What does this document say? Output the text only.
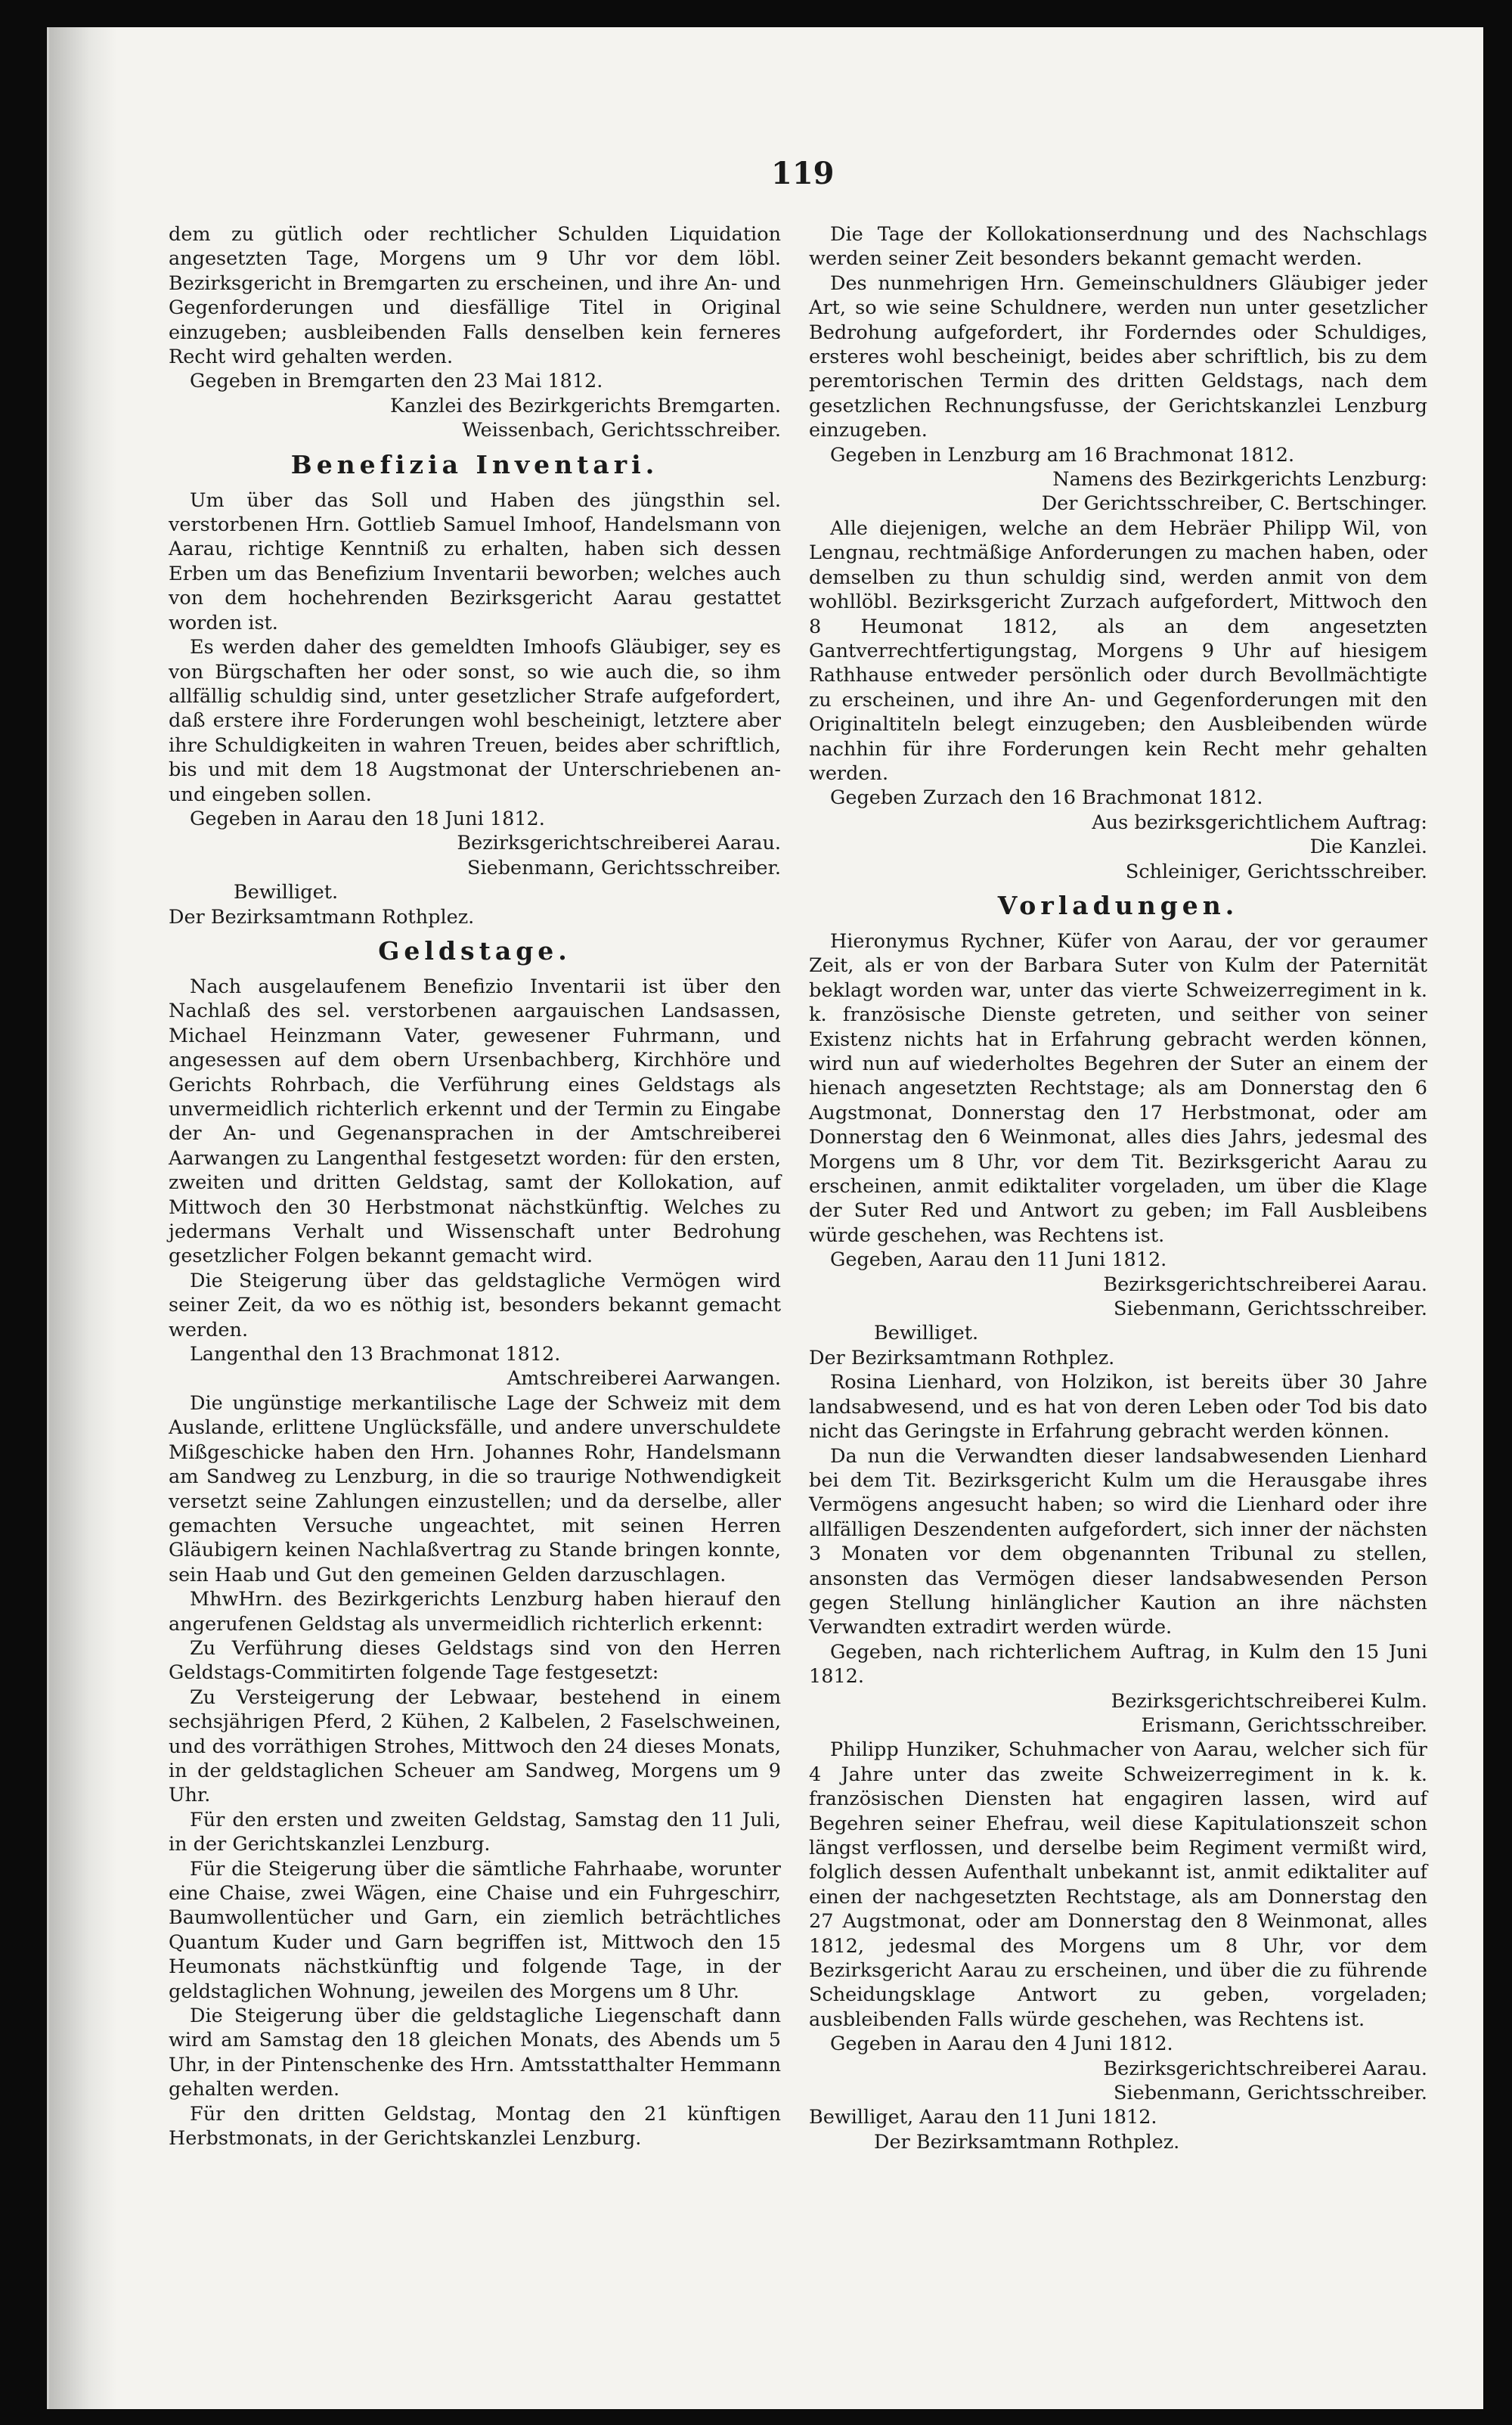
119

dem zu gütlich oder rechtlicher Schulden Liquidation angesetzten Tage, Morgens um 9 Uhr vor dem löbl. Bezirksgericht in Bremgarten zu erscheinen, und ihre An- und Gegenforderungen und diesfällige Titel in Original einzugeben; ausbleibenden Falls denselben kein ferneres Recht wird gehalten werden.

Gegeben in Bremgarten den 23 Mai 1812.

Kanzlei des Bezirkgerichts Bremgarten.

Weissenbach, Gerichtsschreiber.

Benefizia Inventari.

Um über das Soll und Haben des jüngsthin sel. verstorbenen Hrn. Gottlieb Samuel Imhoof, Handelsmann von Aarau, richtige Kenntniß zu erhalten, haben sich dessen Erben um das Benefizium Inventarii beworben; welches auch von dem hochehrenden Bezirksgericht Aarau gestattet worden ist.

Es werden daher des gemeldten Imhoofs Gläubiger, sey es von Bürgschaften her oder sonst, so wie auch die, so ihm allfällig schuldig sind, unter gesetzlicher Strafe aufgefordert, daß erstere ihre Forderungen wohl bescheinigt, letztere aber ihre Schuldigkeiten in wahren Treuen, beides aber schriftlich, bis und mit dem 18 Augstmonat der Unterschriebenen an- und eingeben sollen.

Gegeben in Aarau den 18 Juni 1812.

Bezirksgerichtschreiberei Aarau.

Siebenmann, Gerichtsschreiber.

Bewilliget.

Der Bezirksamtmann Rothplez.

Geldstage.

Nach ausgelaufenem Benefizio Inventarii ist über den Nachlaß des sel. verstorbenen aargauischen Landsassen, Michael Heinzmann Vater, gewesener Fuhrmann, und angesessen auf dem obern Ursenbachberg, Kirchhöre und Gerichts Rohrbach, die Verführung eines Geldstags als unvermeidlich richterlich erkennt und der Termin zu Eingabe der An- und Gegenansprachen in der Amtschreiberei Aarwangen zu Langenthal festgesetzt worden: für den ersten, zweiten und dritten Geldstag, samt der Kollokation, auf Mittwoch den 30 Herbstmonat nächstkünftig. Welches zu jedermans Verhalt und Wissenschaft unter Bedrohung gesetzlicher Folgen bekannt gemacht wird.

Die Steigerung über das geldstagliche Vermögen wird seiner Zeit, da wo es nöthig ist, besonders bekannt gemacht werden.

Langenthal den 13 Brachmonat 1812.

Amtschreiberei Aarwangen.

Die ungünstige merkantilische Lage der Schweiz mit dem Auslande, erlittene Unglücksfälle, und andere unverschuldete Mißgeschicke haben den Hrn. Johannes Rohr, Handelsmann am Sandweg zu Lenzburg, in die so traurige Nothwendigkeit versetzt seine Zahlungen einzustellen; und da derselbe, aller gemachten Versuche ungeachtet, mit seinen Herren Gläubigern keinen Nachlaßvertrag zu Stande bringen konnte, sein Haab und Gut den gemeinen Gelden darzuschlagen.

MhwHrn. des Bezirkgerichts Lenzburg haben hierauf den angerufenen Geldstag als unvermeidlich richterlich erkennt:

Zu Verführung dieses Geldstags sind von den Herren Geldstags-Commitirten folgende Tage festgesetzt:

Zu Versteigerung der Lebwaar, bestehend in einem sechsjährigen Pferd, 2 Kühen, 2 Kalbelen, 2 Faselschweinen, und des vorräthigen Strohes, Mittwoch den 24 dieses Monats, in der geldstaglichen Scheuer am Sandweg, Morgens um 9 Uhr.

Für den ersten und zweiten Geldstag, Samstag den 11 Juli, in der Gerichtskanzlei Lenzburg.

Für die Steigerung über die sämtliche Fahrhaabe, worunter eine Chaise, zwei Wägen, eine Chaise und ein Fuhrgeschirr, Baumwollentücher und Garn, ein ziemlich beträchtliches Quantum Kuder und Garn begriffen ist, Mittwoch den 15 Heumonats nächstkünftig und folgende Tage, in der geldstaglichen Wohnung, jeweilen des Morgens um 8 Uhr.

Die Steigerung über die geldstagliche Liegenschaft dann wird am Samstag den 18 gleichen Monats, des Abends um 5 Uhr, in der Pintenschenke des Hrn. Amtsstatthalter Hemmann gehalten werden.

Für den dritten Geldstag, Montag den 21 künftigen Herbstmonats, in der Gerichtskanzlei Lenzburg.

Die Tage der Kollokationserdnung und des Nachschlags werden seiner Zeit besonders bekannt gemacht werden.

Des nunmehrigen Hrn. Gemeinschuldners Gläubiger jeder Art, so wie seine Schuldnere, werden nun unter gesetzlicher Bedrohung aufgefordert, ihr Forderndes oder Schuldiges, ersteres wohl bescheinigt, beides aber schriftlich, bis zu dem peremtorischen Termin des dritten Geldstags, nach dem gesetzlichen Rechnungsfusse, der Gerichtskanzlei Lenzburg einzugeben.

Gegeben in Lenzburg am 16 Brachmonat 1812.

Namens des Bezirkgerichts Lenzburg:

Der Gerichtsschreiber, C. Bertschinger.

Alle diejenigen, welche an dem Hebräer Philipp Wil, von Lengnau, rechtmäßige Anforderungen zu machen haben, oder demselben zu thun schuldig sind, werden anmit von dem wohllöbl. Bezirksgericht Zurzach aufgefordert, Mittwoch den 8 Heumonat 1812, als an dem angesetzten Gantverrechtfertigungstag, Morgens 9 Uhr auf hiesigem Rathhause entweder persönlich oder durch Bevollmächtigte zu erscheinen, und ihre An- und Gegenforderungen mit den Originaltiteln belegt einzugeben; den Ausbleibenden würde nachhin für ihre Forderungen kein Recht mehr gehalten werden.

Gegeben Zurzach den 16 Brachmonat 1812.

Aus bezirksgerichtlichem Auftrag:

Die Kanzlei.

Schleiniger, Gerichtsschreiber.

Vorladungen.

Hieronymus Rychner, Küfer von Aarau, der vor geraumer Zeit, als er von der Barbara Suter von Kulm der Paternität beklagt worden war, unter das vierte Schweizerregiment in k. k. französische Dienste getreten, und seither von seiner Existenz nichts hat in Erfahrung gebracht werden können, wird nun auf wiederholtes Begehren der Suter an einem der hienach angesetzten Rechtstage; als am Donnerstag den 6 Augstmonat, Donnerstag den 17 Herbstmonat, oder am Donnerstag den 6 Weinmonat, alles dies Jahrs, jedesmal des Morgens um 8 Uhr, vor dem Tit. Bezirksgericht Aarau zu erscheinen, anmit ediktaliter vorgeladen, um über die Klage der Suter Red und Antwort zu geben; im Fall Ausbleibens würde geschehen, was Rechtens ist.

Gegeben, Aarau den 11 Juni 1812.

Bezirksgerichtschreiberei Aarau.

Siebenmann, Gerichtsschreiber.

Bewilliget.

Der Bezirksamtmann Rothplez.

Rosina Lienhard, von Holzikon, ist bereits über 30 Jahre landsabwesend, und es hat von deren Leben oder Tod bis dato nicht das Geringste in Erfahrung gebracht werden können.

Da nun die Verwandten dieser landsabwesenden Lienhard bei dem Tit. Bezirksgericht Kulm um die Herausgabe ihres Vermögens angesucht haben; so wird die Lienhard oder ihre allfälligen Deszendenten aufgefordert, sich inner der nächsten 3 Monaten vor dem obgenannten Tribunal zu stellen, ansonsten das Vermögen dieser landsabwesenden Person gegen Stellung hinlänglicher Kaution an ihre nächsten Verwandten extradirt werden würde.

Gegeben, nach richterlichem Auftrag, in Kulm den 15 Juni 1812.

Bezirksgerichtschreiberei Kulm.

Erismann, Gerichtsschreiber.

Philipp Hunziker, Schuhmacher von Aarau, welcher sich für 4 Jahre unter das zweite Schweizerregiment in k. k. französischen Diensten hat engagiren lassen, wird auf Begehren seiner Ehefrau, weil diese Kapitulationszeit schon längst verflossen, und derselbe beim Regiment vermißt wird, folglich dessen Aufenthalt unbekannt ist, anmit ediktaliter auf einen der nachgesetzten Rechtstage, als am Donnerstag den 27 Augstmonat, oder am Donnerstag den 8 Weinmonat, alles 1812, jedesmal des Morgens um 8 Uhr, vor dem Bezirksgericht Aarau zu erscheinen, und über die zu führende Scheidungsklage Antwort zu geben, vorgeladen; ausbleibenden Falls würde geschehen, was Rechtens ist.

Gegeben in Aarau den 4 Juni 1812.

Bezirksgerichtschreiberei Aarau.

Siebenmann, Gerichtsschreiber.

Bewilliget, Aarau den 11 Juni 1812.

Der Bezirksamtmann Rothplez.
